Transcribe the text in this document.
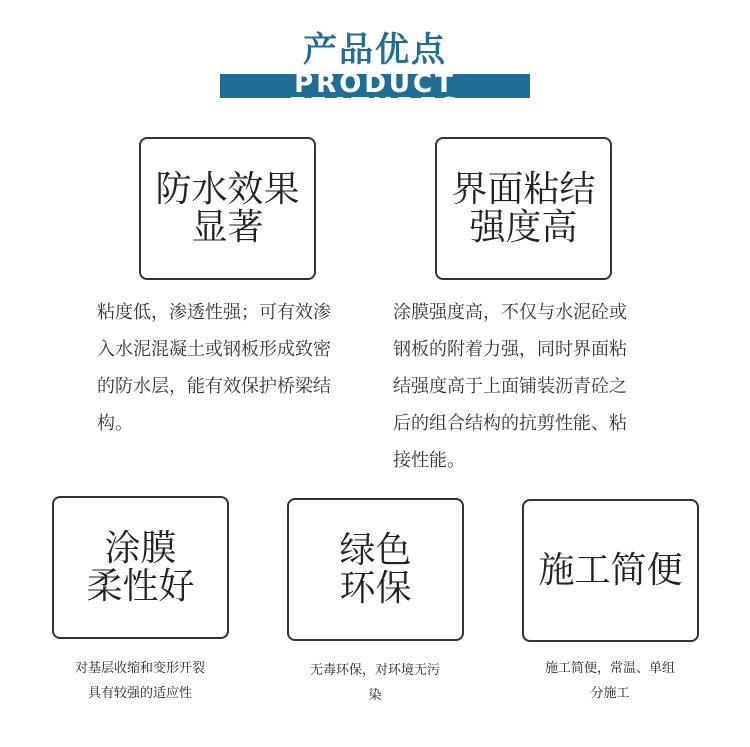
产品优点
PRODUCT FEATURES
防水效果
显著
粘度低，渗透性强；可有效渗
入水泥混凝土或钢板形成致密
的防水层，能有效保护桥梁结
构。
界面粘结
强度高
涂膜强度高，不仅与水泥砼或
钢板的附着力强，同时界面粘
结强度高于上面铺装沥青砼之
后的组合结构的抗剪性能、粘
接性能。
涂膜
柔性好
对基层收缩和变形开裂
具有较强的适应性
绿色
环保
无毒环保，对环境无污
染
施工简便
施工简便，常温、单组
分施工
